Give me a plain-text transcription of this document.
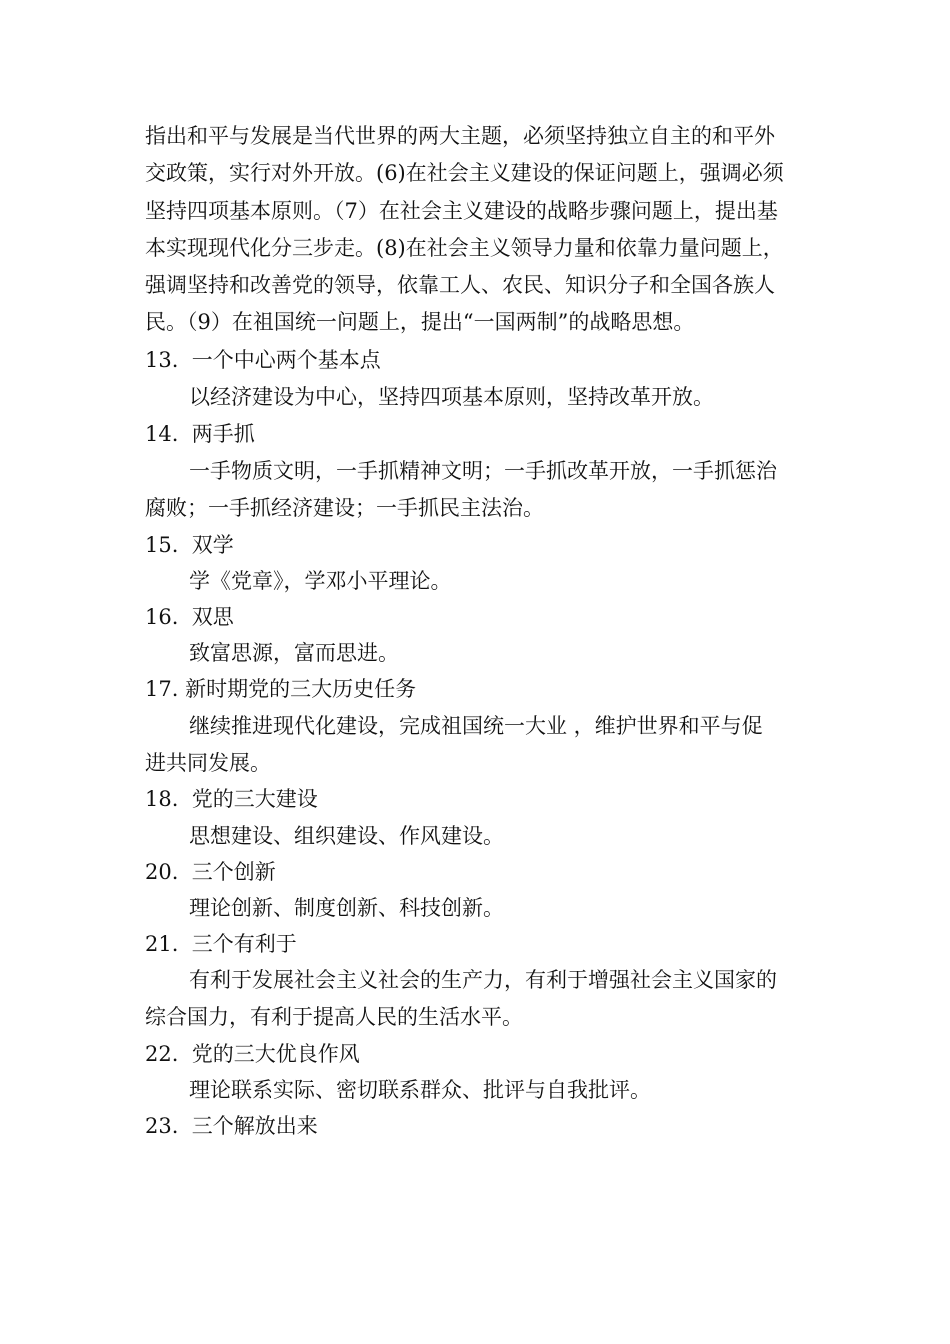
指出和平与发展是当代世界的两大主题，必须坚持独立自主的和平外
交政策，实行对外开放。(6)在社会主义建设的保证问题上，强调必须
坚持四项基本原则。（7）在社会主义建设的战略步骤问题上，提出基
本实现现代化分三步走。(8)在社会主义领导力量和依靠力量问题上，
强调坚持和改善党的领导，依靠工人、农民、知识分子和全国各族人
民。（9）在祖国统一问题上，提出“一国两制”的战略思想。
13.  一个中心两个基本点
以经济建设为中心，坚持四项基本原则，坚持改革开放。
14.  两手抓
一手物质文明，一手抓精神文明；一手抓改革开放，一手抓惩治
腐败；一手抓经济建设；一手抓民主法治。
15.  双学
学《党章》，学邓小平理论。
16.  双思
致富思源，富而思进。
17. 新时期党的三大历史任务
继续推进现代化建设，完成祖国统一大业 ，维护世界和平与促
进共同发展。
18.  党的三大建设
思想建设、组织建设、作风建设。
20.  三个创新
理论创新、制度创新、科技创新。
21.  三个有利于
有利于发展社会主义社会的生产力，有利于增强社会主义国家的
综合国力，有利于提高人民的生活水平。
22.  党的三大优良作风
理论联系实际、密切联系群众、批评与自我批评。
23.  三个解放出来
